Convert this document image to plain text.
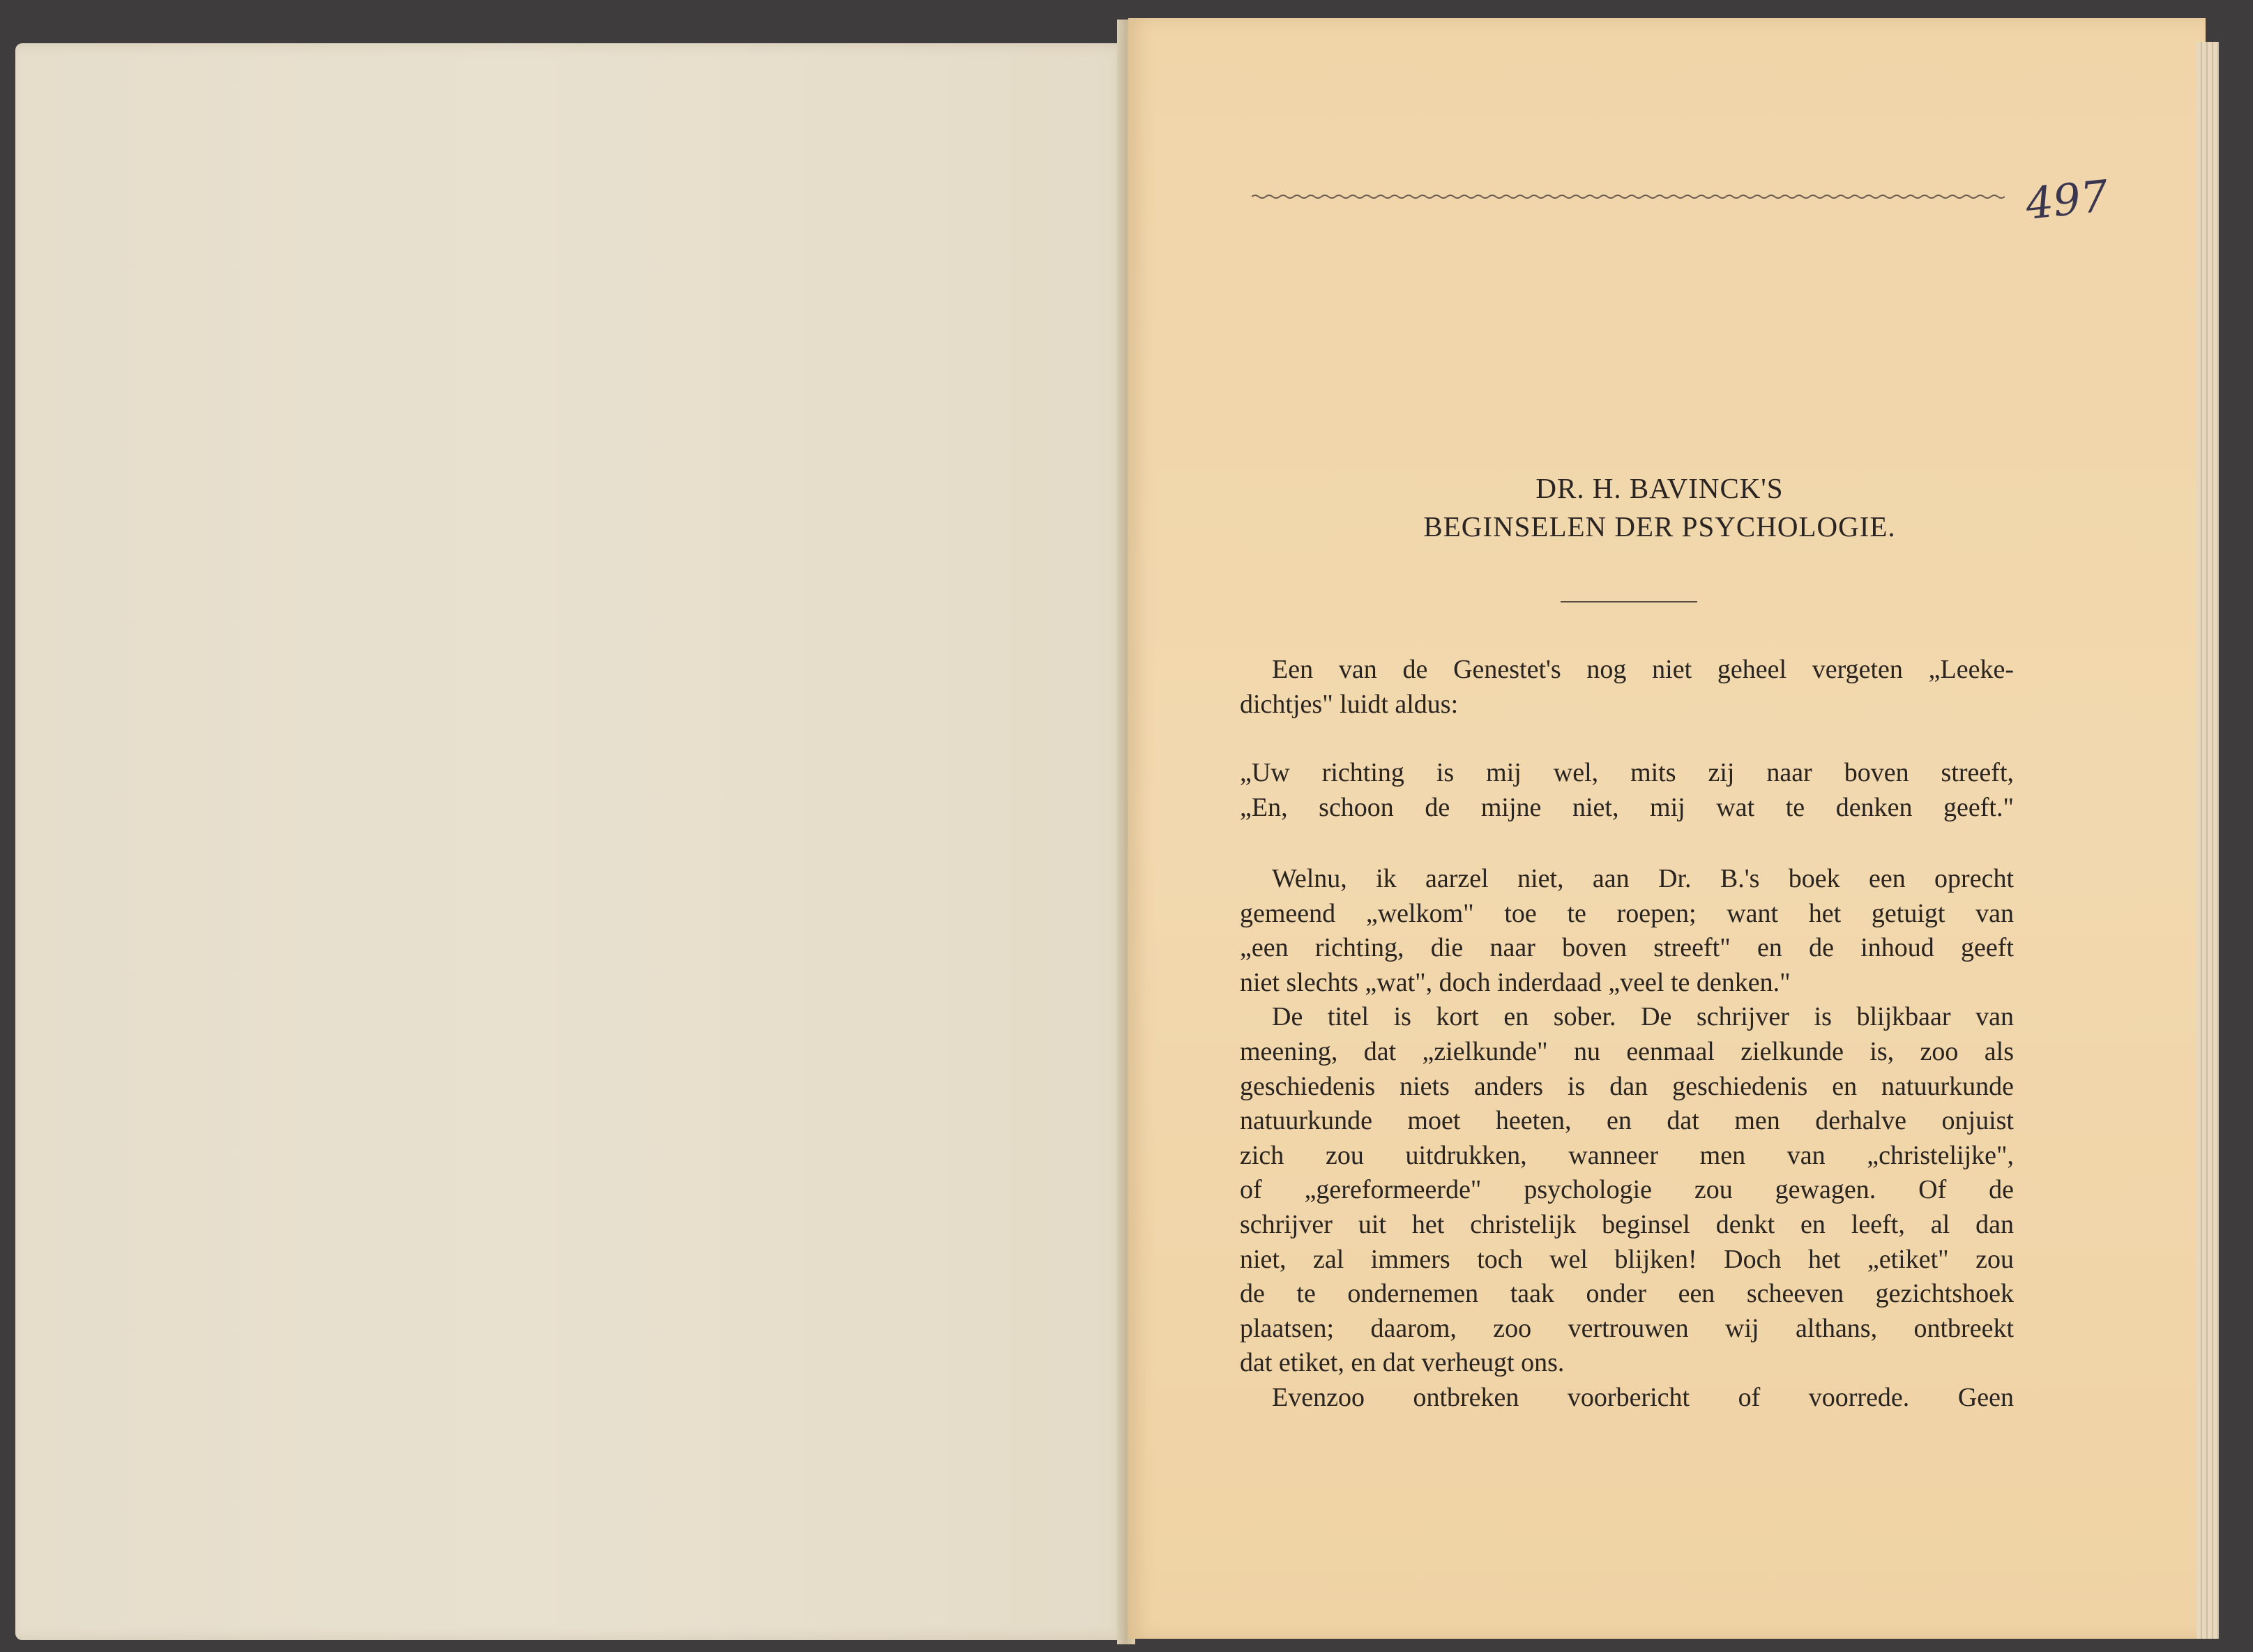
497
DR. H. BAVINCK'S
BEGINSELEN DER PSYCHOLOGIE.
Een van de Genestet's nog niet geheel vergeten „Leeke-
dichtjes" luidt aldus:
„Uw richting is mij wel, mits zij naar boven streeft,
„En, schoon de mijne niet, mij wat te denken geeft."
Welnu, ik aarzel niet, aan Dr. B.'s boek een oprecht
gemeend „welkom" toe te roepen; want het getuigt van
„een richting, die naar boven streeft" en de inhoud geeft
niet slechts „wat", doch inderdaad „veel te denken."
De titel is kort en sober. De schrijver is blijkbaar van
meening, dat „zielkunde" nu eenmaal zielkunde is, zoo als
geschiedenis niets anders is dan geschiedenis en natuurkunde
natuurkunde moet heeten, en dat men derhalve onjuist
zich zou uitdrukken, wanneer men van „christelijke",
of „gereformeerde" psychologie zou gewagen. Of de
schrijver uit het christelijk beginsel denkt en leeft, al dan
niet, zal immers toch wel blijken! Doch het „etiket" zou
de te ondernemen taak onder een scheeven gezichtshoek
plaatsen; daarom, zoo vertrouwen wij althans, ontbreekt
dat etiket, en dat verheugt ons.
Evenzoo ontbreken voorbericht of voorrede. Geen
